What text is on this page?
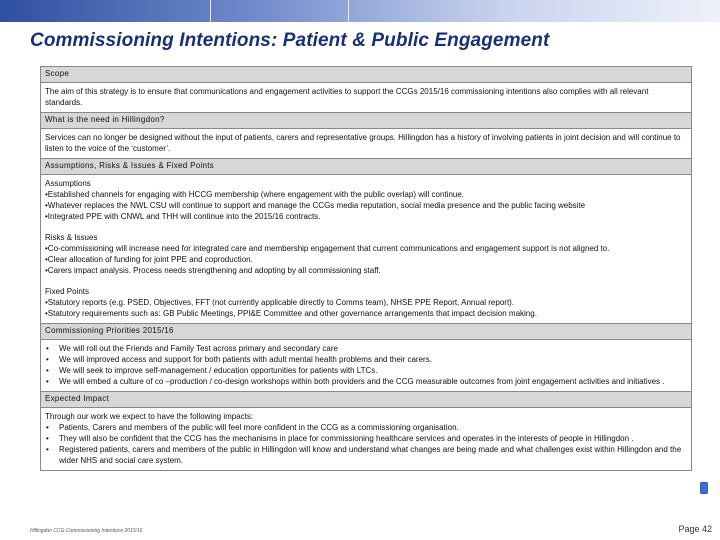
Commissioning Intentions: Patient & Public Engagement
Scope
The aim of this strategy is to ensure that communications and engagement activities to support the CCGs 2015/16 commissioning intentions also complies with all relevant standards.
What is the need in Hillingdon?
Services can no longer be designed without the input of patients, carers and representative groups. Hillingdon has a history of involving patients in joint decision and will continue to listen to the voice of the ‘customer’.
Assumptions, Risks & Issues & Fixed Points
Assumptions
•Established channels for engaging with HCCG membership (where engagement with the public overlap) will continue.
•Whatever replaces the NWL CSU will continue to support and manage the CCGs media reputation, social media presence and the public facing website
•Integrated PPE with CNWL and THH will continue into the 2015/16 contracts.
Risks & Issues
•Co-commissioning will increase need for integrated care and membership engagement that current communications and engagement support is not aligned to.
•Clear allocation of funding for joint PPE and coproduction.
•Carers impact analysis. Process needs strengthening and adopting by all commissioning staff.
Fixed Points
•Statutory reports (e.g. PSED, Objectives, FFT (not currently applicable directly to Comms team), NHSE PPE Report, Annual report).
•Statutory requirements such as: GB Public Meetings, PPI&E Committee and other governance arrangements that impact decision making.
Commissioning Priorities 2015/16
• We will roll out the Friends and Family Test across primary and secondary care
• We will improved access and support for both patients with adult mental health problems and their carers.
• We will seek to improve self-management / education opportunities for patients with LTCs.
• We will embed a culture of co –production / co-design workshops within both providers and the CCG measurable outcomes from joint engagement activities and initiatives .
Expected Impact
Through our work we expect to have the following impacts:
• Patients, Carers and members of the public will feel more confident in the CCG as a commissioning organisation.
• They will also be confident that the CCG has the mechanisms in place for commissioning healthcare services and operates in the interests of people in Hillingdon .
• Registered patients, carers and members of the public in Hillingdon will know and understand what changes are being made and what challenges exist within Hillingdon and the wider NHS and social care system.
Hillingdon CCG Commissioning Intentions 2015/16	Page 42
